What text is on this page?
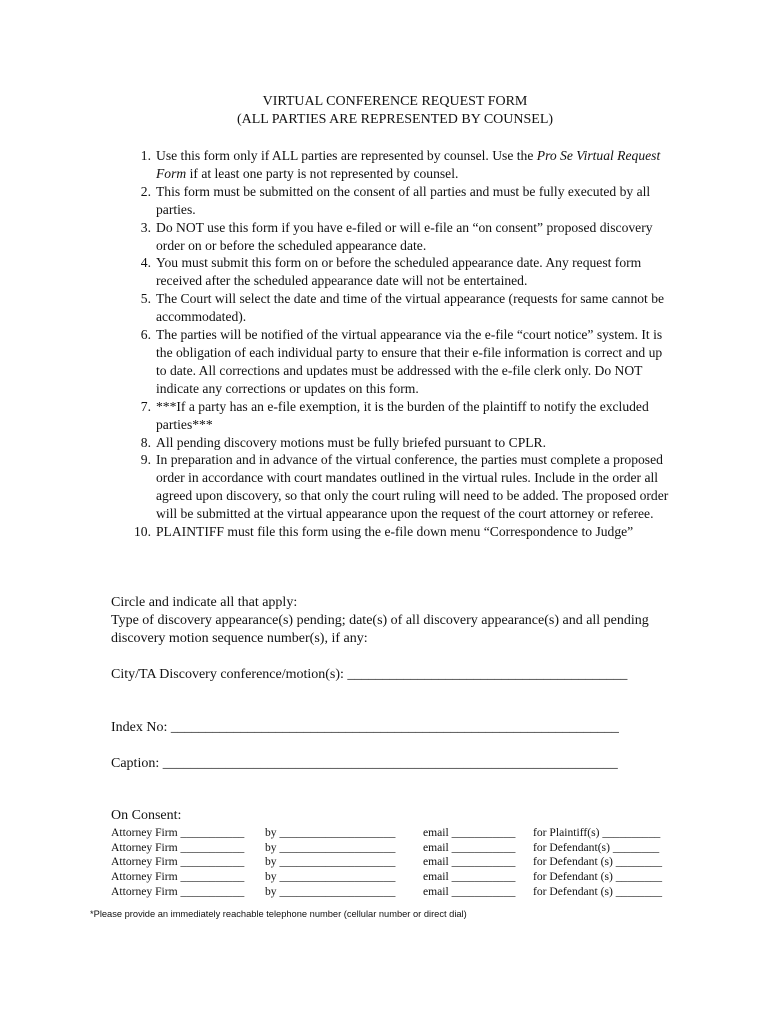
VIRTUAL CONFERENCE REQUEST FORM
(ALL PARTIES ARE REPRESENTED BY COUNSEL)
1. Use this form only if ALL parties are represented by counsel. Use the Pro Se Virtual Request Form if at least one party is not represented by counsel.
2. This form must be submitted on the consent of all parties and must be fully executed by all parties.
3. Do NOT use this form if you have e-filed or will e-file an “on consent” proposed discovery order on or before the scheduled appearance date.
4. You must submit this form on or before the scheduled appearance date. Any request form received after the scheduled appearance date will not be entertained.
5. The Court will select the date and time of the virtual appearance (requests for same cannot be accommodated).
6. The parties will be notified of the virtual appearance via the e-file “court notice” system. It is the obligation of each individual party to ensure that their e-file information is correct and up to date. All corrections and updates must be addressed with the e-file clerk only. Do NOT indicate any corrections or updates on this form.
7. ***If a party has an e-file exemption, it is the burden of the plaintiff to notify the excluded parties***
8. All pending discovery motions must be fully briefed pursuant to CPLR.
9. In preparation and in advance of the virtual conference, the parties must complete a proposed order in accordance with court mandates outlined in the virtual rules. Include in the order all agreed upon discovery, so that only the court ruling will need to be added. The proposed order will be submitted at the virtual appearance upon the request of the court attorney or referee.
10. PLAINTIFF must file this form using the e-file down menu “Correspondence to Judge”
Circle and indicate all that apply:
Type of discovery appearance(s) pending; date(s) of all discovery appearance(s) and all pending discovery motion sequence number(s), if any:
City/TA Discovery conference/motion(s): ________________________________________
Index No: ________________________________________________________________
Caption: _________________________________________________________________
On Consent:
Attorney Firm ___________	by ____________________	email ___________	for Plaintiff(s) __________
Attorney Firm ___________	by ____________________	email ___________	for Defendant(s) ________
Attorney Firm ___________	by ____________________	email ___________	for Defendant (s) ________
Attorney Firm ___________	by ____________________	email ___________	for Defendant (s) ________
Attorney Firm ___________	by ____________________	email ___________	for Defendant (s) ________
*Please provide an immediately reachable telephone number (cellular number or direct dial)
